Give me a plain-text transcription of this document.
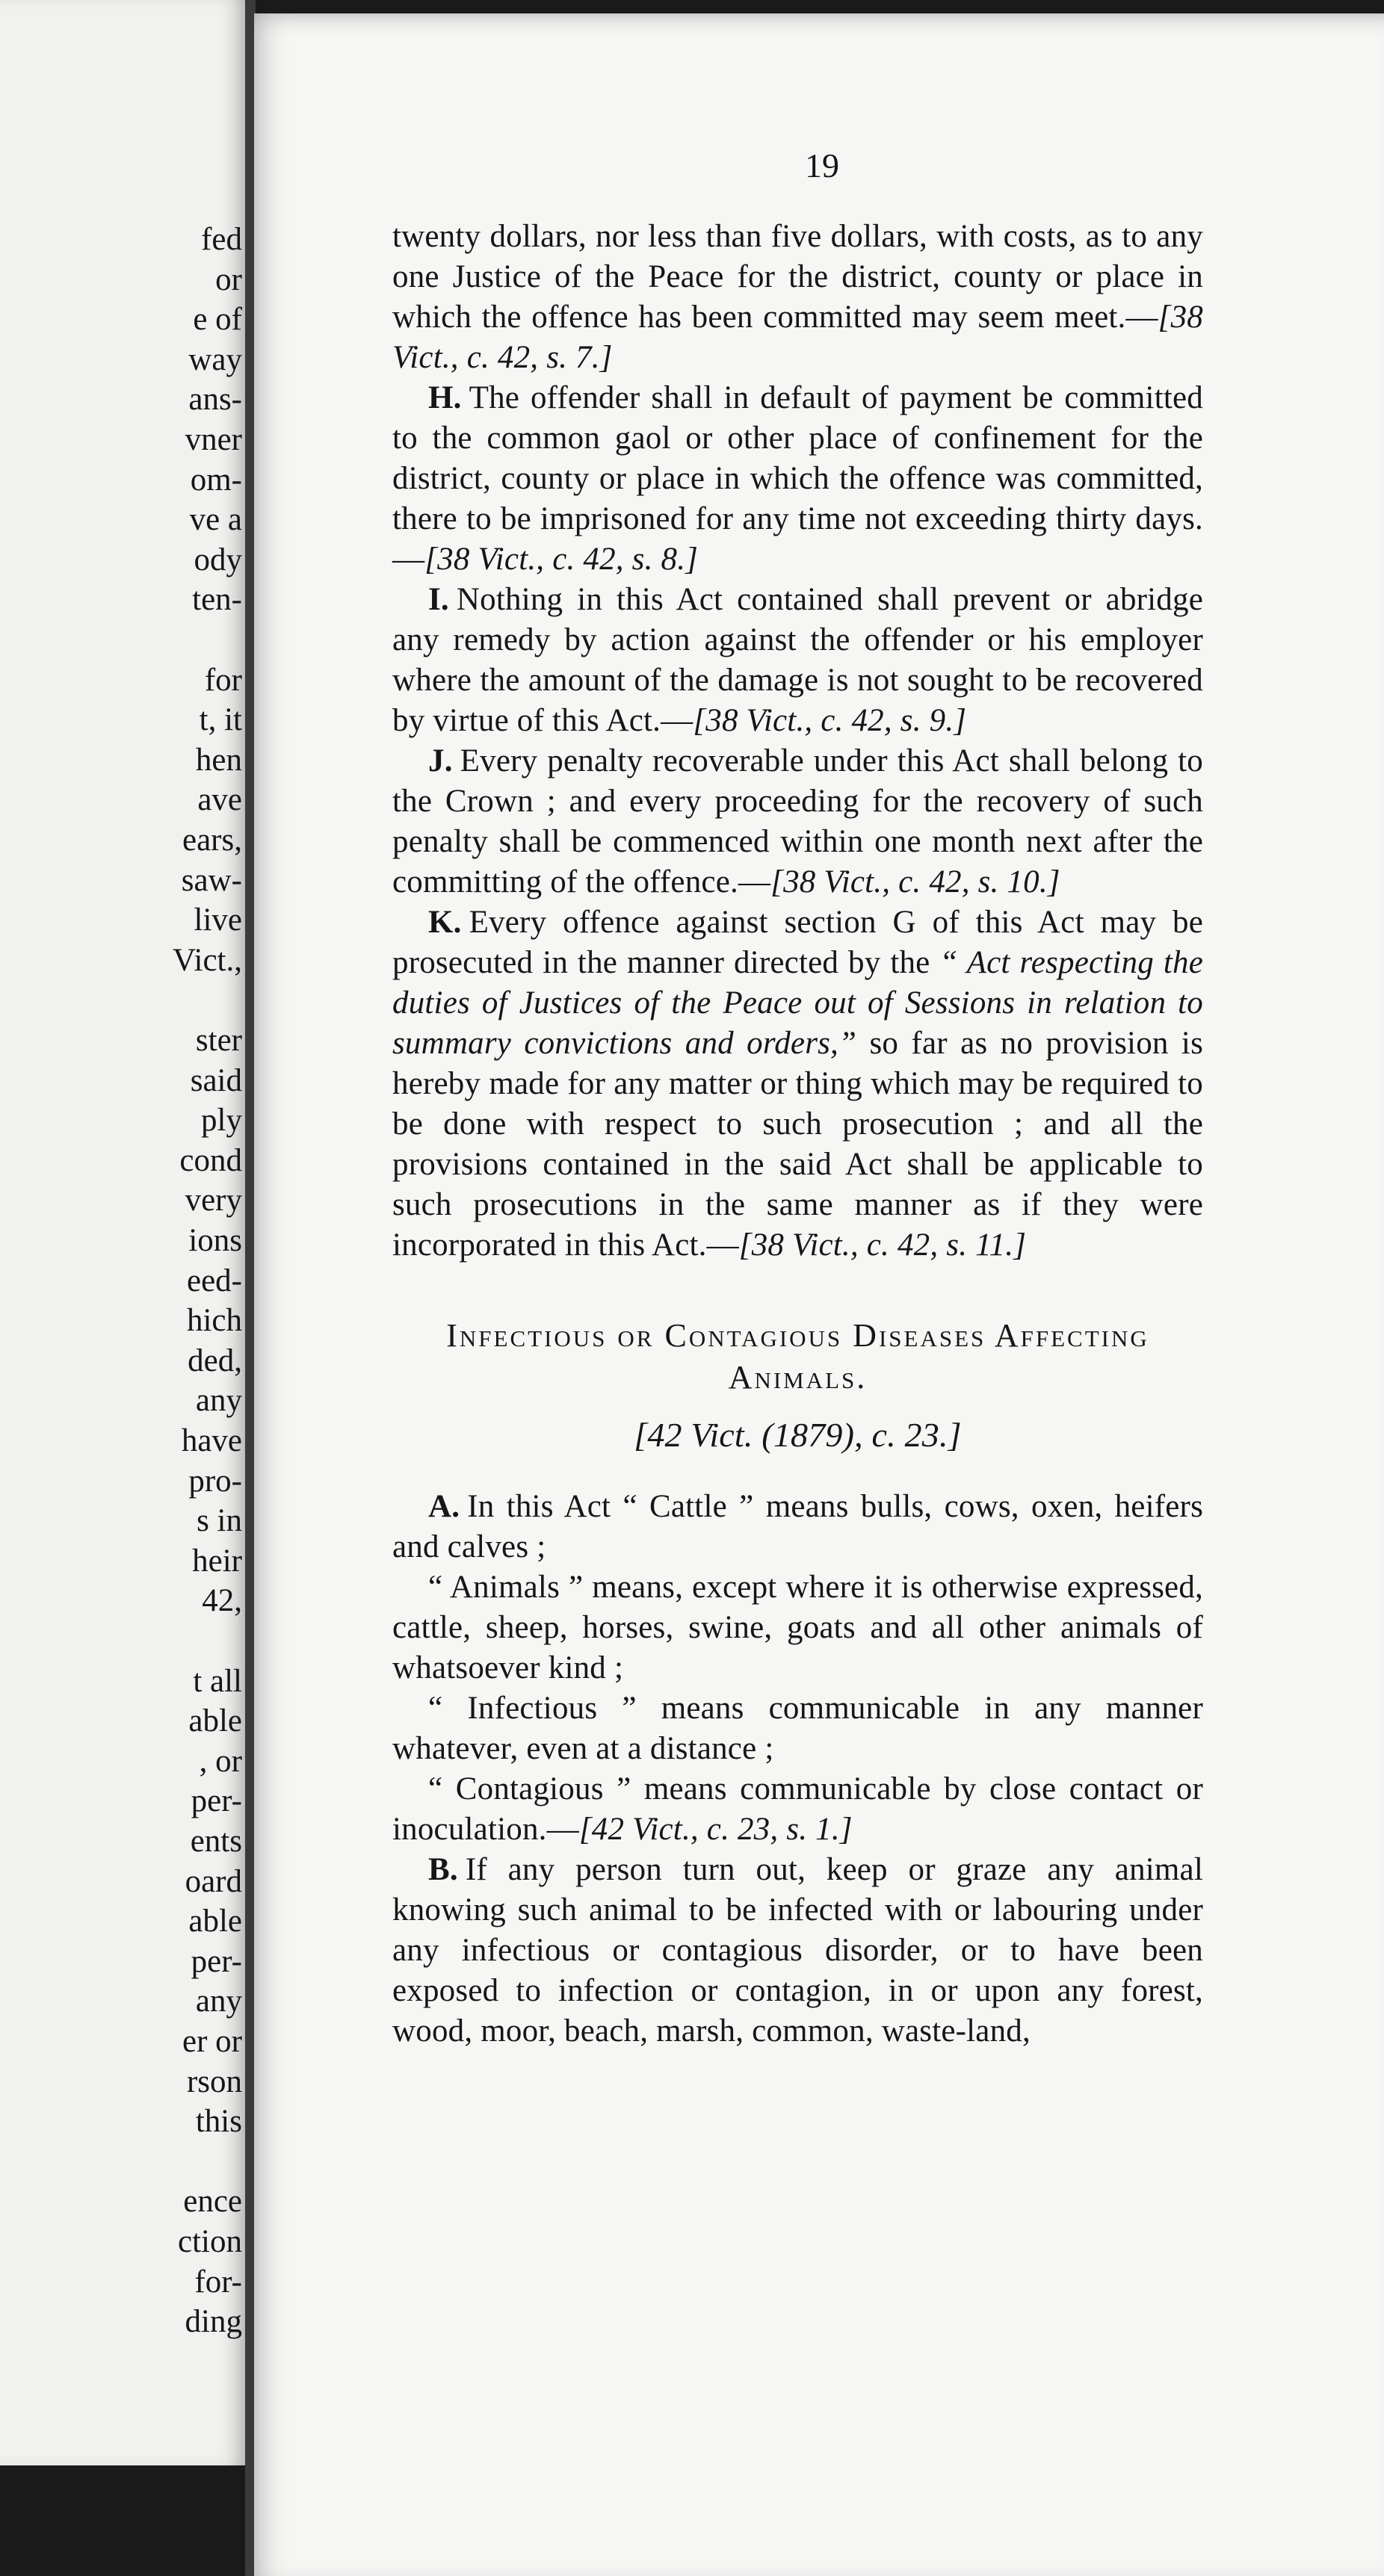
fed
or
e of
way
ans-
vner
om-
ve a
ody
ten-
for
t, it
hen
ave
ears,
saw-
live
Vict.,
ster
said
ply
cond
very
ions
eed-
hich
ded,
any
have
pro-
s in
heir
42,
t all
able
, or
per-
ents
oard
able
per-
any
er or
rson
this
ence
ction
for-
ding
19

twenty dollars, nor less than five dollars, with costs, as to any one Justice of the Peace for the district, county or place in which the offence has been committed may seem meet.—[38 Vict., c. 42, s. 7.]

H. The offender shall in default of payment be committed to the common gaol or other place of confinement for the district, county or place in which the offence was committed, there to be imprisoned for any time not exceeding thirty days.—[38 Vict., c. 42, s. 8.]

I. Nothing in this Act contained shall prevent or abridge any remedy by action against the offender or his employer where the amount of the damage is not sought to be recovered by virtue of this Act.—[38 Vict., c. 42, s. 9.]

J. Every penalty recoverable under this Act shall belong to the Crown ; and every proceeding for the recovery of such penalty shall be commenced within one month next after the committing of the offence.—[38 Vict., c. 42, s. 10.]

K. Every offence against section G of this Act may be prosecuted in the manner directed by the “ Act respecting the duties of Justices of the Peace out of Sessions in relation to summary convictions and orders,” so far as no provision is hereby made for any matter or thing which may be required to be done with respect to such prosecution ; and all the provisions contained in the said Act shall be applicable to such prosecutions in the same manner as if they were incorporated in this Act.—[38 Vict., c. 42, s. 11.]

Infectious or Contagious Diseases Affecting Animals.

[42 Vict. (1879), c. 23.]

A. In this Act “ Cattle ” means bulls, cows, oxen, heifers and calves ;

“ Animals ” means, except where it is otherwise expressed, cattle, sheep, horses, swine, goats and all other animals of whatsoever kind ;

“ Infectious ” means communicable in any manner whatever, even at a distance ;

“ Contagious ” means communicable by close contact or inoculation.—[42 Vict., c. 23, s. 1.]

B. If any person turn out, keep or graze any animal knowing such animal to be infected with or labouring under any infectious or contagious disorder, or to have been exposed to infection or contagion, in or upon any forest, wood, moor, beach, marsh, common, waste-land,
